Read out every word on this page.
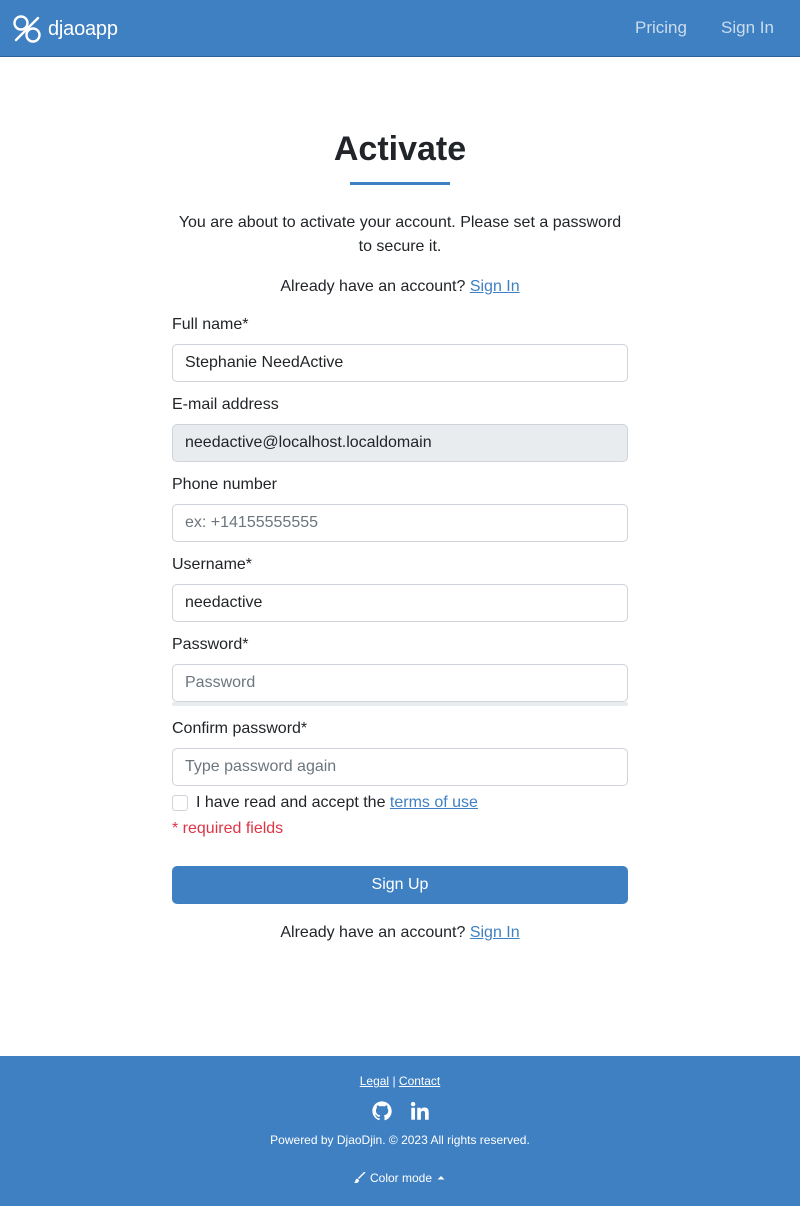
djaoapp	Pricing Sign In
Activate

You are about to activate your account. Please set a password to secure it.

Already have an account? Sign In

Full name*
Stephanie NeedActive
E-mail address
needactive@localhost.localdomain
Phone number
ex: +14155555555
Username*
needactive
Password*
Confirm password*
I have read and accept the
terms of use

* required fields

Sign Up

Already have an account? Sign In

Legal | Contact

Powered by DjaoDjin. © 2023 All rights reserved.

Color mode
